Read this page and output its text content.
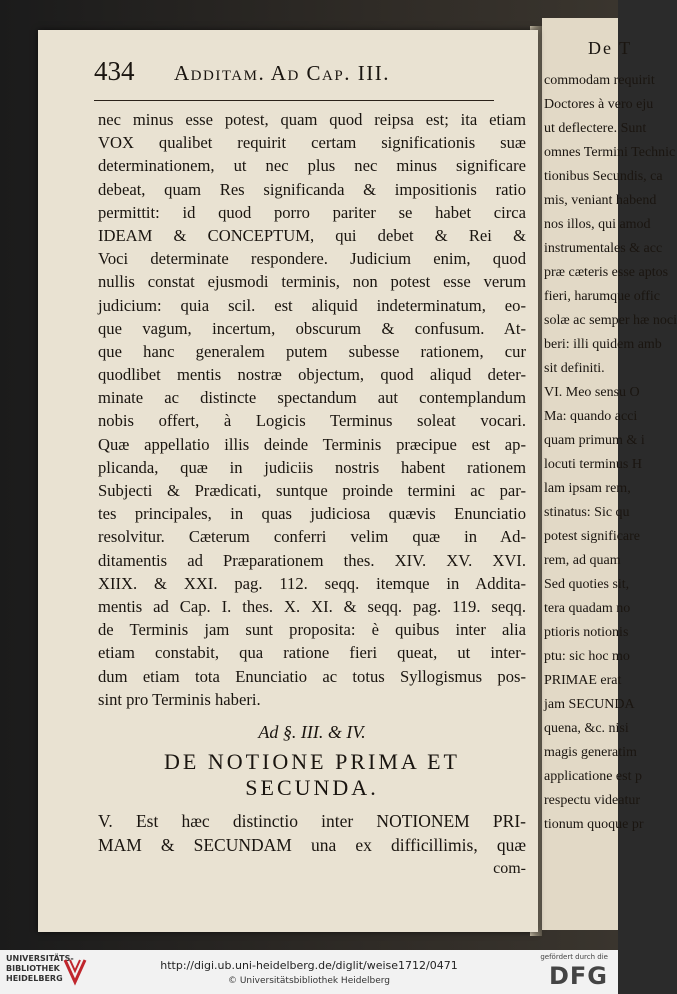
De T
commodam requirit
Doctores à vero eju
ut deflectere. Sunt
omnes Termini Technic
tionibus Secundis, ca
mis, veniant habend
nos illos, qui amod
instrumentales & acc
præ cæteris esse aptos
fieri, harumque offic
solæ ac semper hæ noci
beri: illi quidem amb
sit definiti.
VI. Meo sensu O
Ma: quando acci
quam primum & i
locuti terminus H
lam ipsam rem,
stinatus: Sic qu
potest significare
rem, ad quam
Sed quoties sit,
tera quadam no
ptioris notionis
ptu: sic hoc mo
PRIMAE erat
jam SECUNDA
quena, &c. nisi
magis generatim
applicatione est p
respectu videatur
tionum quoque pr
434	Additam. Ad Cap. III.
nec minus esse potest, quam quod reipsa est; ita etiam
VOX qualibet requirit certam significationis suæ
determinationem, ut nec plus nec minus significare
debeat, quam Res significanda & impositionis ratio
permittit: id quod porro pariter se habet circa
IDEAM & CONCEPTUM, qui debet & Rei &
Voci determinate respondere. Judicium enim, quod
nullis constat ejusmodi terminis, non potest esse verum
judicium: quia scil. est aliquid indeterminatum, eo-
que vagum, incertum, obscurum & confusum. At-
que hanc generalem putem subesse rationem, cur
quodlibet mentis nostræ objectum, quod aliqud deter-
minate ac distincte spectandum aut contemplandum
nobis offert, à Logicis Terminus soleat vocari.
Quæ appellatio illis deinde Terminis præcipue est ap-
plicanda, quæ in judiciis nostris habent rationem
Subjecti & Prædicati, suntque proinde termini ac par-
tes principales, in quas judiciosa quævis Enunciatio
resolvitur. Cæterum conferri velim quæ in Ad-
ditamentis ad Præparationem thes. XIV. XV. XVI.
XIIX. & XXI. pag. 112. seqq. itemque in Addita-
mentis ad Cap. I. thes. X. XI. & seqq. pag. 119. seqq.
de Terminis jam sunt proposita: è quibus inter alia
etiam constabit, qua ratione fieri queat, ut inter-
dum etiam tota Enunciatio ac totus Syllogismus pos-
sint pro Terminis haberi.
Ad §. III. & IV.
DE NOTIONE PRIMA ET
SECUNDA.
V. Est hæc distinctio inter NOTIONEM PRI-
MAM & SECUNDAM una ex difficillimis, quæ
com-
UNIVERSITÄTS-
BIBLIOTHEK
HEIDELBERG
http://digi.ub.uni-heidelberg.de/diglit/weise1712/0471
© Universitätsbibliothek Heidelberg
gefördert durch die
DFG
